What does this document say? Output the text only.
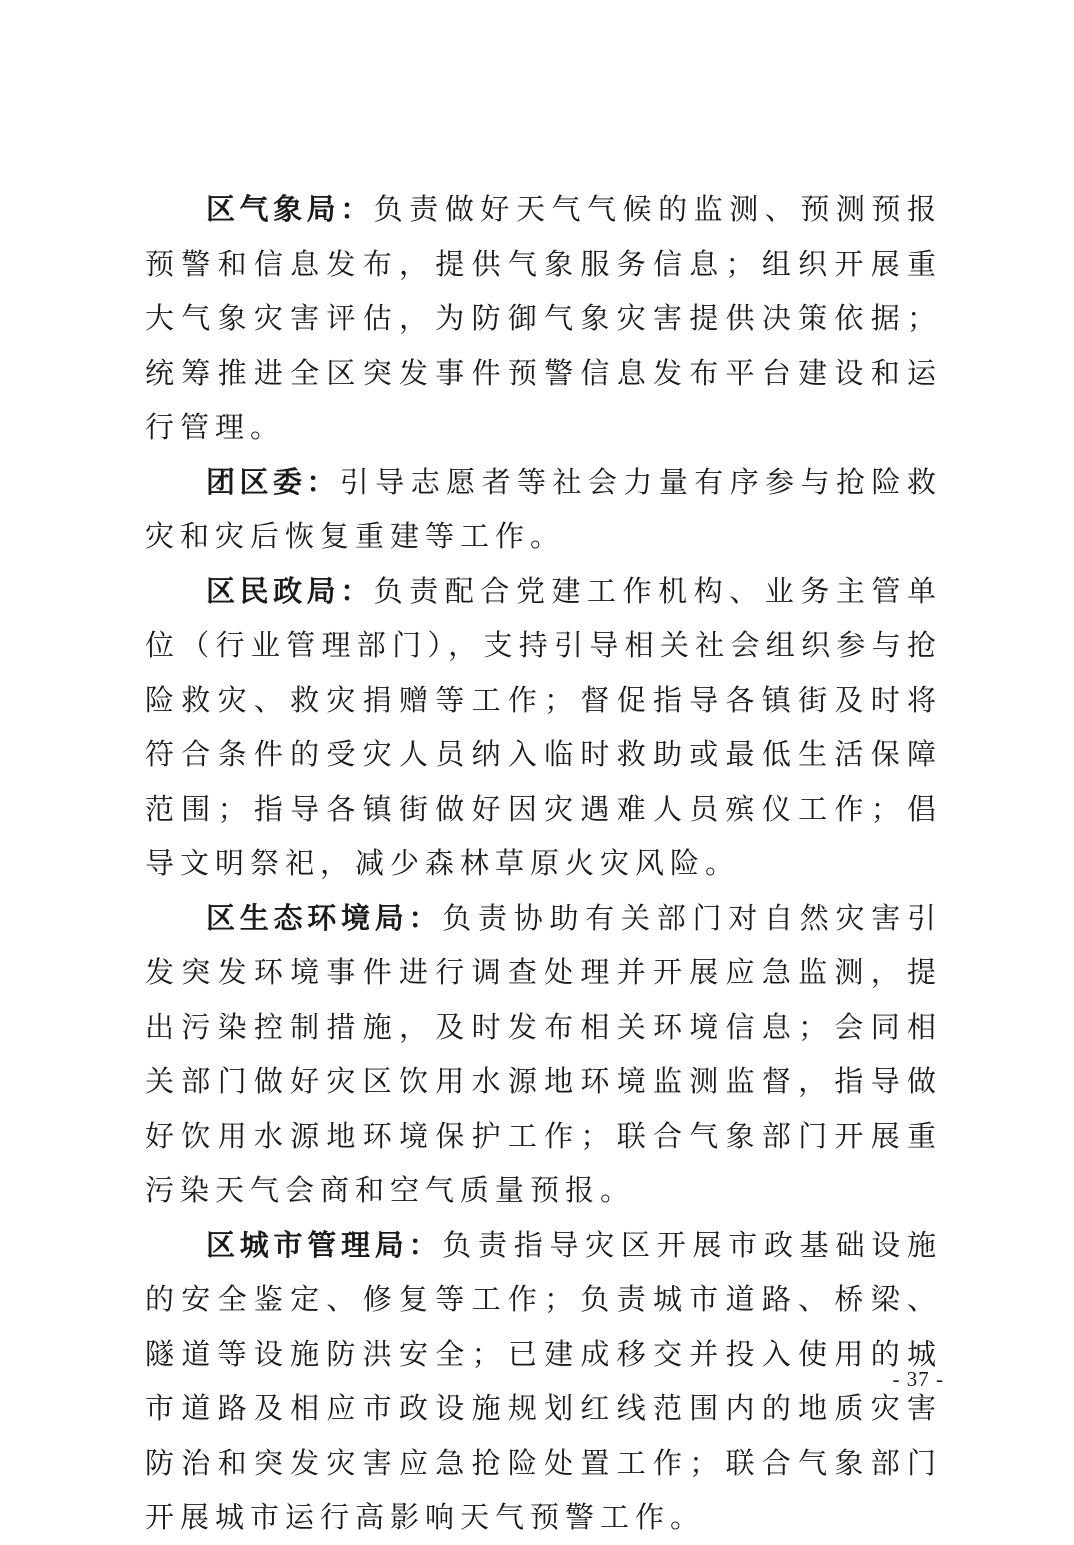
区气象局：负责做好天气气候的监测、预测预报预警和信息发布，提供气象服务信息；组织开展重大气象灾害评估，为防御气象灾害提供决策依据；统筹推进全区突发事件预警信息发布平台建设和运行管理。

团区委：引导志愿者等社会力量有序参与抢险救灾和灾后恢复重建等工作。

区民政局：负责配合党建工作机构、业务主管单位（行业管理部门），支持引导相关社会组织参与抢险救灾、救灾捐赠等工作；督促指导各镇街及时将符合条件的受灾人员纳入临时救助或最低生活保障范围；指导各镇街做好因灾遇难人员殡仪工作；倡导文明祭祀，减少森林草原火灾风险。

区生态环境局：负责协助有关部门对自然灾害引发突发环境事件进行调查处理并开展应急监测，提出污染控制措施，及时发布相关环境信息；会同相关部门做好灾区饮用水源地环境监测监督，指导做好饮用水源地环境保护工作；联合气象部门开展重污染天气会商和空气质量预报。

区城市管理局：负责指导灾区开展市政基础设施的安全鉴定、修复等工作；负责城市道路、桥梁、隧道等设施防洪安全；已建成移交并投入使用的城市道路及相应市政设施规划红线范围内的地质灾害防治和突发灾害应急抢险处置工作；联合气象部门开展城市运行高影响天气预警工作。

- 37 -
